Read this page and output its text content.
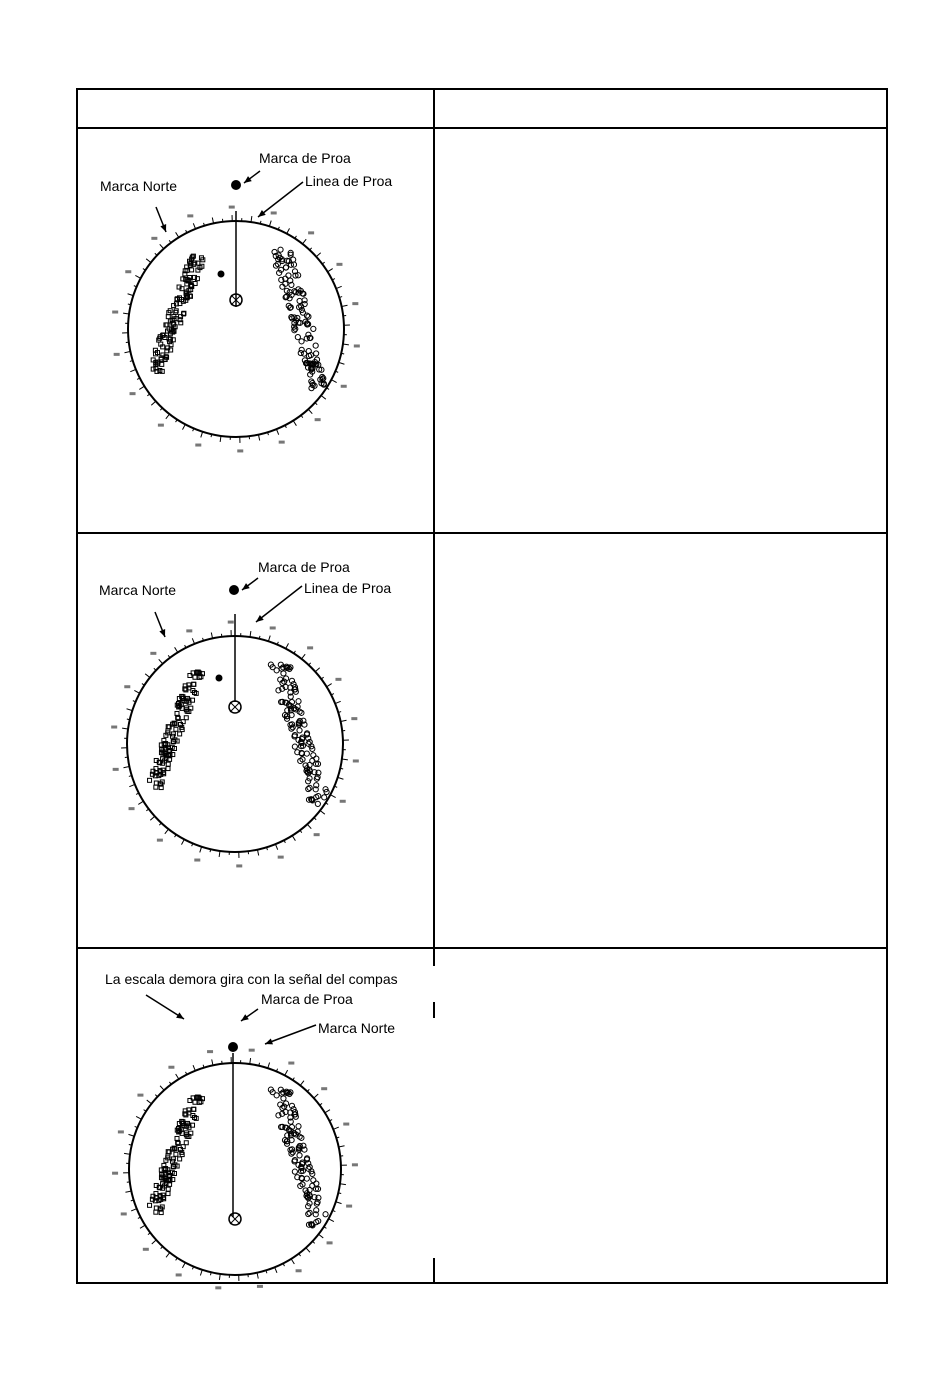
Marca de Proa
Linea de Proa
Marca Norte
Marca de Proa
Linea de Proa
Marca Norte
La escala demora gira con la señal del compas
Marca de Proa
Marca Norte
